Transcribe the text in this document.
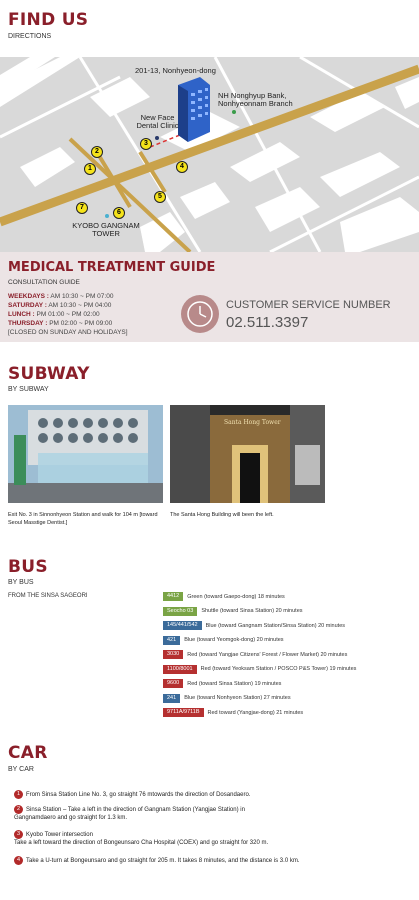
FIND US
DIRECTIONS
201-13, Nonhyeon-dong
NH Nonghyup Bank, Nonhyeonnam Branch
New Face Dental Clinic
KYOBO GANGNAM TOWER
1
2
3
4
5
6
7
MEDICAL TREATMENT GUIDE
CONSULTATION GUIDE
WEEKDAYS : AM 10:30 ~ PM 07:00
SATURDAY : AM 10:30 ~ PM 04:00
LUNCH : PM 01:00 ~ PM 02:00
THURSDAY : PM 02:00 ~ PM 09:00
[CLOSED ON SUNDAY AND HOLIDAYS]
CUSTOMER SERVICE NUMBER
02.511.3397
SUBWAY
BY SUBWAY
Santa Hong Tower
Exit No. 3 in Sinnonhyeon Station and walk for 104 m [toward Seoul Masstige Dentist.]
The Santa Hong Building will been the left.
BUS
BY BUS
FROM THE SINSA SAGEORI	4412	Green (toward Gaepo-dong) 18 minutes
Seocho 03	Shuttle (toward Sinsa Station) 20 minutes
145/441/542	Blue (toward Gangnam Station/Sinsa Station) 20 minutes
421	Blue (toward Yeomgok-dong) 20 minutes
3030	Red (toward Yangjae Citizens' Forest / Flower Market) 20 minutes
1100/8001	Red (toward Yeoksam Station / POSCO P&S Tower) 19 minutes
9600	Red (toward Sinsa Station) 19 minutes
241	Blue (toward Nonhyeon Station) 27 minutes
9711A/9711B	Red toward (Yangjae-dong) 21 minutes
CAR
BY CAR
1 From Sinsa Station Line No. 3, go straight 76 mtowards the direction of Dosandaero.
2 Sinsa Station – Take a left in the direction of Gangnam Station (Yangjae Station) in
Gangnamdaero and go straight for 1.3 km.
3 Kyobo Tower intersection
Take a left toward the direction of Bongeunsaro Cha Hospital (COEX) and go straight for 320 m.
4 Take a U-turn at Bongeunsaro and go straight for 205 m. It takes 8 minutes, and the distance is 3.0 km.
